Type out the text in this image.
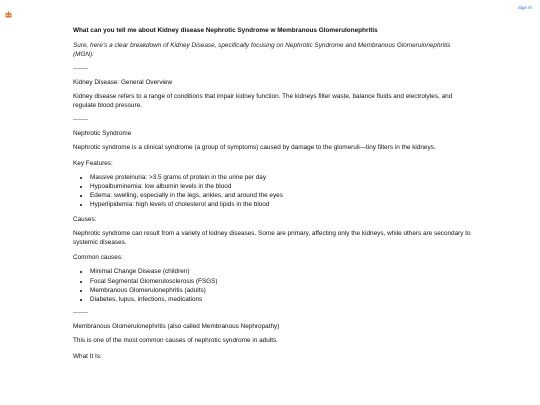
Sign In

What can you tell me about Kidney disease Nephrotic Syndrome w Membranous Glomerulonephritis

Sure, here’s a clear breakdown of Kidney Disease, specifically focusing on Nephrotic Syndrome and Membranous Glomerulonephritis (MGN):

———

Kidney Disease: General Overview

Kidney disease refers to a range of conditions that impair kidney function. The kidneys filter waste, balance fluids and electrolytes, and regulate blood pressure.

———

Nephrotic Syndrome

Nephrotic syndrome is a clinical syndrome (a group of symptoms) caused by damage to the glomeruli—tiny filters in the kidneys.

Key Features:

• Massive proteinuria: >3.5 grams of protein in the urine per day
• Hypoalbuminemia: low albumin levels in the blood
• Edema: swelling, especially in the legs, ankles, and around the eyes
• Hyperlipidemia: high levels of cholesterol and lipids in the blood

Causes:

Nephrotic syndrome can result from a variety of kidney diseases. Some are primary, affecting only the kidneys, while others are secondary to systemic diseases.

Common causes:

• Minimal Change Disease (children)
• Focal Segmental Glomerulosclerosis (FSGS)
• Membranous Glomerulonephritis (adults)
• Diabetes, lupus, infections, medications

———

Membranous Glomerulonephritis (also called Membranous Nephropathy)

This is one of the most common causes of nephrotic syndrome in adults.

What It Is:
